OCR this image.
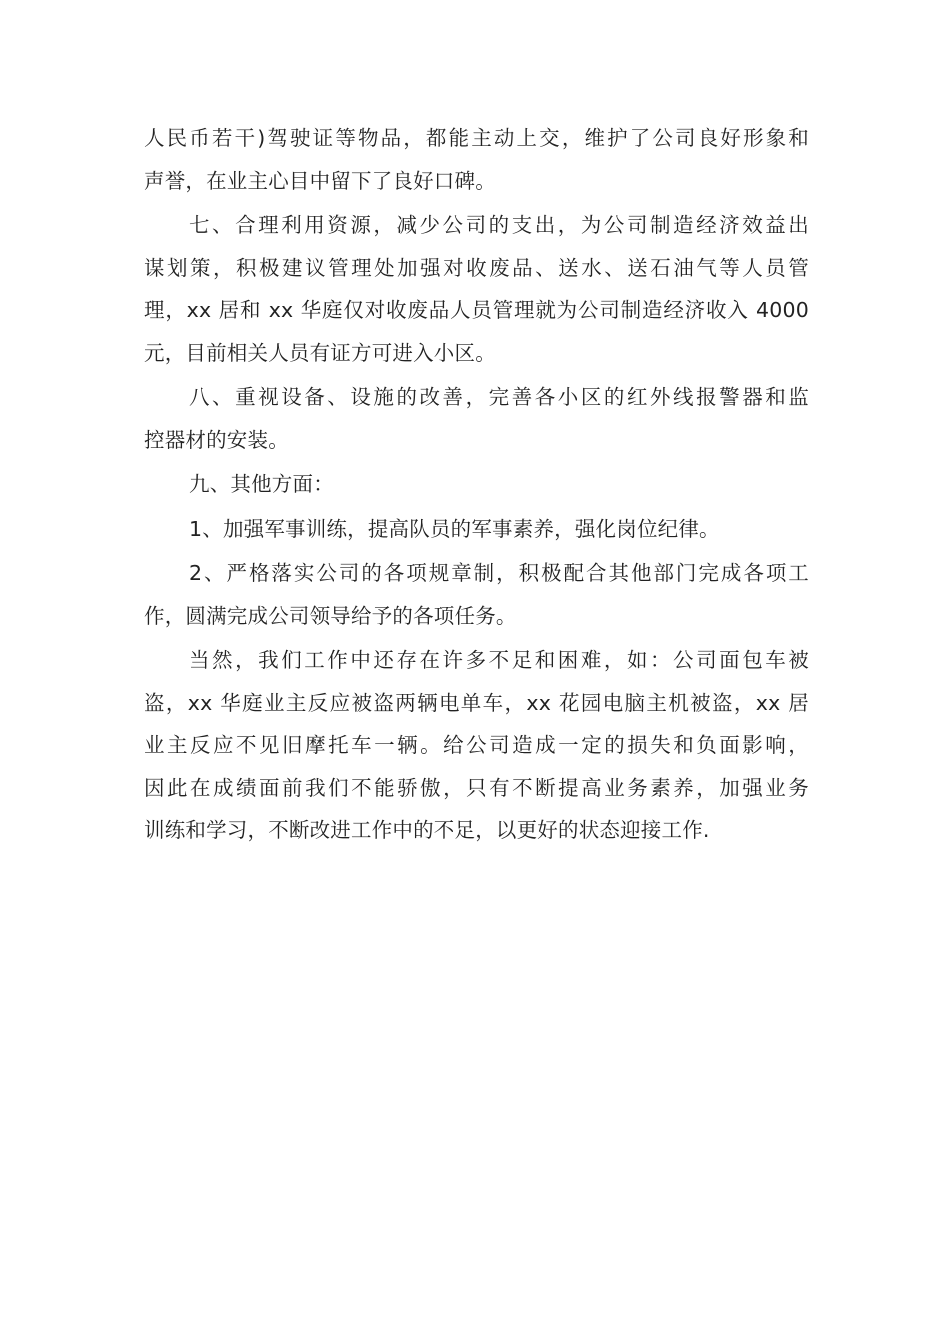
人民币若干)驾驶证等物品，都能主动上交，维护了公司良好形象和
声誉，在业主心目中留下了良好口碑。
七、合理利用资源，减少公司的支出，为公司制造经济效益出
谋划策，积极建议管理处加强对收废品、送水、送石油气等人员管
理，xx 居和 xx 华庭仅对收废品人员管理就为公司制造经济收入 4000
元，目前相关人员有证方可进入小区。
八、重视设备、设施的改善，完善各小区的红外线报警器和监
控器材的安装。
九、其他方面：
1、加强军事训练，提高队员的军事素养，强化岗位纪律。
2、严格落实公司的各项规章制，积极配合其他部门完成各项工
作，圆满完成公司领导给予的各项任务。
当然，我们工作中还存在许多不足和困难，如：公司面包车被
盗，xx 华庭业主反应被盗两辆电单车，xx 花园电脑主机被盗，xx 居
业主反应不见旧摩托车一辆。给公司造成一定的损失和负面影响，
因此在成绩面前我们不能骄傲，只有不断提高业务素养，加强业务
训练和学习，不断改进工作中的不足，以更好的状态迎接工作.
